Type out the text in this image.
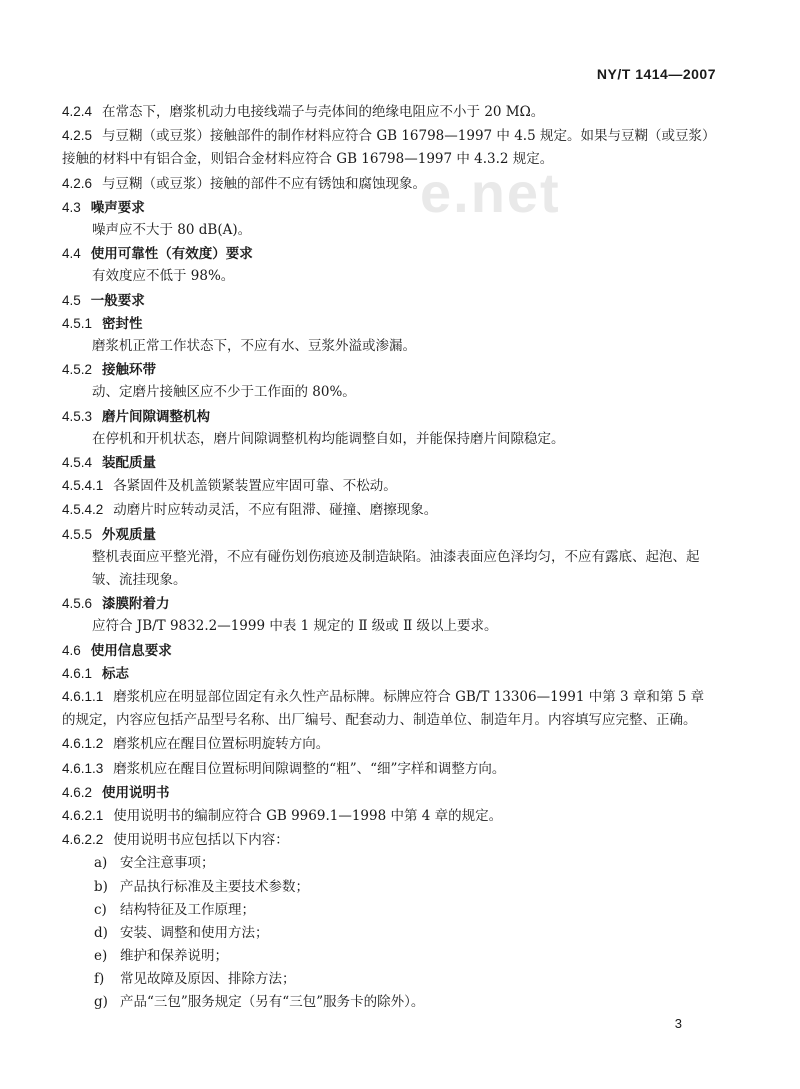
NY/T 1414—2007
e.net
4.2.4 在常态下，磨浆机动力电接线端子与壳体间的绝缘电阻应不小于 20 MΩ。
4.2.5 与豆糊（或豆浆）接触部件的制作材料应符合 GB 16798—1997 中 4.5 规定。如果与豆糊（或豆浆）接触的材料中有铝合金，则铝合金材料应符合 GB 16798—1997 中 4.3.2 规定。
4.2.6 与豆糊（或豆浆）接触的部件不应有锈蚀和腐蚀现象。
4.3 噪声要求
噪声应不大于 80 dB(A)。
4.4 使用可靠性（有效度）要求
有效度应不低于 98%。
4.5 一般要求
4.5.1 密封性
磨浆机正常工作状态下，不应有水、豆浆外溢或渗漏。
4.5.2 接触环带
动、定磨片接触区应不少于工作面的 80%。
4.5.3 磨片间隙调整机构
在停机和开机状态，磨片间隙调整机构均能调整自如，并能保持磨片间隙稳定。
4.5.4 装配质量
4.5.4.1 各紧固件及机盖锁紧装置应牢固可靠、不松动。
4.5.4.2 动磨片时应转动灵活，不应有阻滞、碰撞、磨擦现象。
4.5.5 外观质量
整机表面应平整光滑，不应有碰伤划伤痕迹及制造缺陷。油漆表面应色泽均匀，不应有露底、起泡、起皱、流挂现象。
4.5.6 漆膜附着力
应符合 JB/T 9832.2—1999 中表 1 规定的 Ⅱ 级或 Ⅱ 级以上要求。
4.6 使用信息要求
4.6.1 标志
4.6.1.1 磨浆机应在明显部位固定有永久性产品标牌。标牌应符合 GB/T 13306—1991 中第 3 章和第 5 章的规定，内容应包括产品型号名称、出厂编号、配套动力、制造单位、制造年月。内容填写应完整、正确。
4.6.1.2 磨浆机应在醒目位置标明旋转方向。
4.6.1.3 磨浆机应在醒目位置标明间隙调整的“粗”、“细”字样和调整方向。
4.6.2 使用说明书
4.6.2.1 使用说明书的编制应符合 GB 9969.1—1998 中第 4 章的规定。
4.6.2.2 使用说明书应包括以下内容：
a) 安全注意事项；
b) 产品执行标准及主要技术参数；
c) 结构特征及工作原理；
d) 安装、调整和使用方法；
e) 维护和保养说明；
f) 常见故障及原因、排除方法；
g) 产品“三包”服务规定（另有“三包”服务卡的除外）。
3
